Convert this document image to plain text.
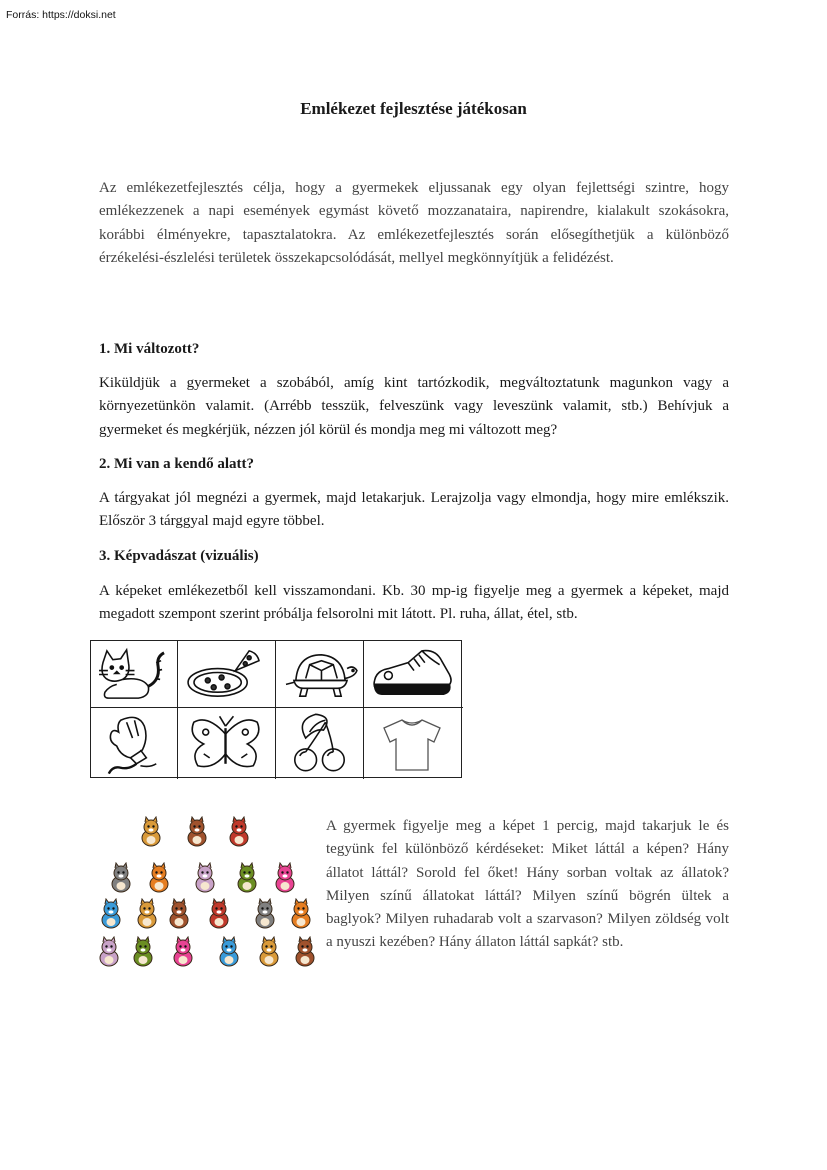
Forrás: https://doksi.net
Emlékezet fejlesztése játékosan

Az emlékezetfejlesztés célja, hogy a gyermekek eljussanak egy olyan fejlettségi szintre, hogy emlékezzenek a napi események egymást követő mozzanataira, napirendre, kialakult szokásokra, korábbi élményekre, tapasztalatokra. Az emlékezetfejlesztés során elősegíthetjük a különböző érzékelési-észlelési területek összekapcsolódását, mellyel megkönnyítjük a felidézést.

1. Mi változott?

Kiküldjük a gyermeket a szobából, amíg kint tartózkodik, megváltoztatunk magunkon vagy a környezetünkön valamit. (Arrébb tesszük, felveszünk vagy leveszünk valamit, stb.) Behívjuk a gyermeket és megkérjük, nézzen jól körül és mondja meg mi változott meg?

2. Mi van a kendő alatt?

A tárgyakat jól megnézi a gyermek, majd letakarjuk. Lerajzolja vagy elmondja, hogy mire emlékszik. Először 3 tárggyal majd egyre többel.

3. Képvadászat (vizuális)

A képeket emlékezetből kell visszamondani. Kb. 30 mp-ig figyelje meg a gyermek a képeket, majd megadott szempont szerint próbálja felsorolni mit látott. Pl. ruha, állat, étel, stb.

A gyermek figyelje meg a képet 1 percig, majd takarjuk le és tegyünk fel különböző kérdéseket: Miket láttál a képen? Hány állatot láttál? Sorold fel őket! Hány sorban voltak az állatok? Milyen színű állatokat láttál? Milyen színű bögrén ültek a baglyok? Milyen ruhadarab volt a szarvason? Milyen zöldség volt a nyuszi kezében? Hány állaton láttál sapkát? stb.
